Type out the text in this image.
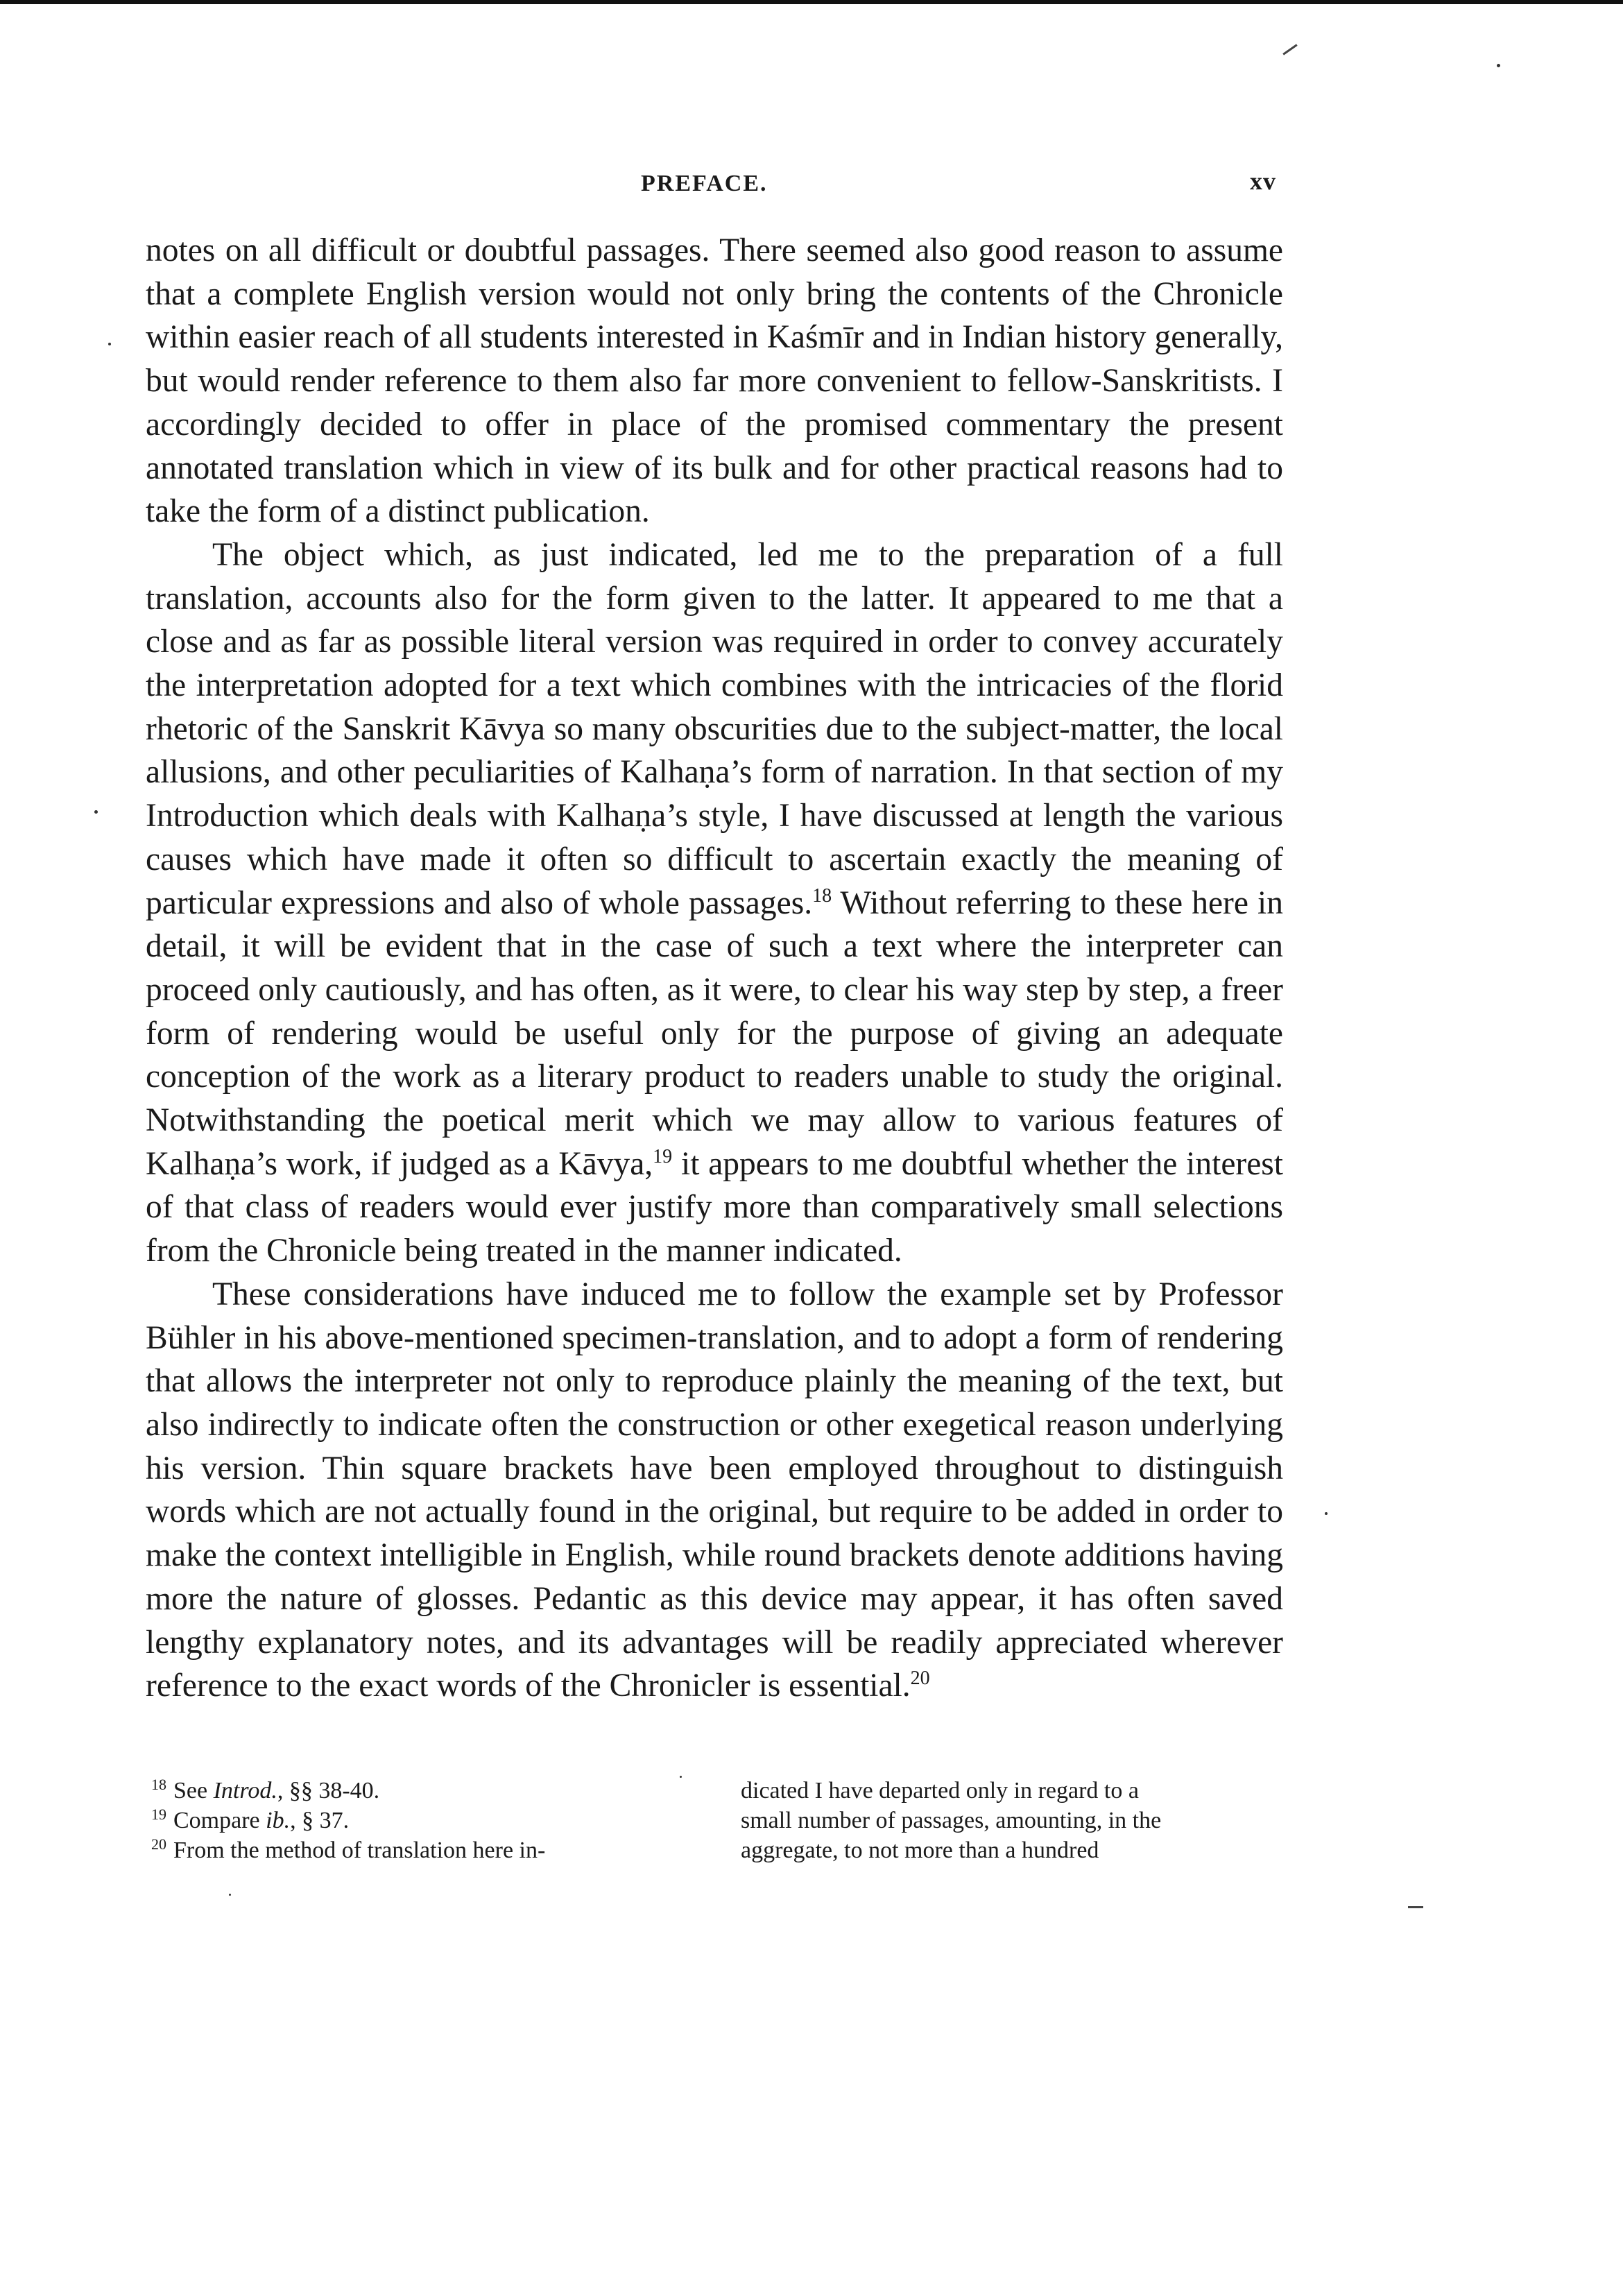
PREFACE.	xv

notes on all difficult or doubtful passages. There seemed also good reason to assume that a complete English version would not only bring the contents of the Chronicle within easier reach of all students interested in Kaśmīr and in Indian history generally, but would render reference to them also far more convenient to fellow-Sanskritists. I accordingly decided to offer in place of the promised commentary the present annotated translation which in view of its bulk and for other practical reasons had to take the form of a distinct publication.

The object which, as just indicated, led me to the preparation of a full translation, accounts also for the form given to the latter. It appeared to me that a close and as far as possible literal version was required in order to convey accurately the interpretation adopted for a text which combines with the intricacies of the florid rhetoric of the Sanskrit Kāvya so many obscurities due to the subject-matter, the local allusions, and other peculiarities of Kalhaṇa’s form of narration. In that section of my Introduction which deals with Kalhaṇa’s style, I have discussed at length the various causes which have made it often so difficult to ascertain exactly the meaning of particular expressions and also of whole passages.$^{18}$ Without referring to these here in detail, it will be evident that in the case of such a text where the interpreter can proceed only cautiously, and has often, as it were, to clear his way step by step, a freer form of rendering would be useful only for the purpose of giving an adequate conception of the work as a literary product to readers unable to study the original. Notwithstanding the poetical merit which we may allow to various features of Kalhaṇa’s work, if judged as a Kāvya,$^{19}$ it appears to me doubtful whether the interest of that class of readers would ever justify more than comparatively small selections from the Chronicle being treated in the manner indicated.

These considerations have induced me to follow the example set by Professor Bühler in his above-mentioned specimen-translation, and to adopt a form of rendering that allows the interpreter not only to reproduce plainly the meaning of the text, but also indirectly to indicate often the construction or other exegetical reason underlying his version. Thin square brackets have been employed throughout to distinguish words which are not actually found in the original, but require to be added in order to make the context intelligible in English, while round brackets denote additions having more the nature of glosses. Pedantic as this device may appear, it has often saved lengthy explanatory notes, and its advantages will be readily appreciated wherever reference to the exact words of the Chronicler is essential.$^{20}$

$^{18}$ See Introd., §§ 38-40.
$^{19}$ Compare ib., § 37.
$^{20}$ From the method of translation here in-
dicated I have departed only in regard to a
small number of passages, amounting, in the
aggregate, to not more than a hundred
